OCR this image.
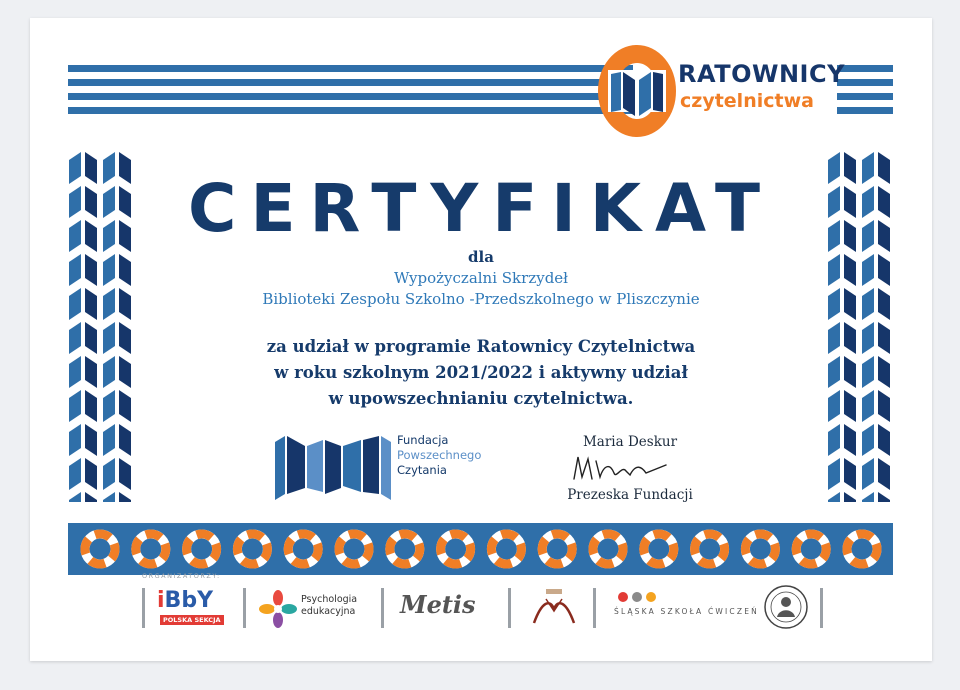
RATOWNICY
czytelnictwa
CERTYFIKAT

dla

Wypożyczalni Skrzydeł

Biblioteki Zespołu Szkolno -Przedszkolnego w Pliszczynie

za udział w programie Ratownicy Czytelnictwa

w roku szkolnym 2021/2022 i aktywny udział

w upowszechnianiu czytelnictwa.

Fundacja
Powszechnego
Czytania
Maria Deskur
Prezeska Fundacji
ORGANIZATORZY:
iBbY
POLSKA SEKCJA
Psychologia
edukacyjna Metis	ŚLĄSKA SZKOŁA ĆWICZEŃ
